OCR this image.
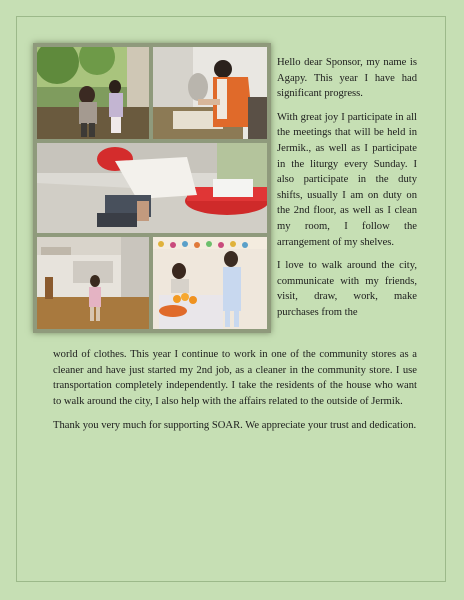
Hello dear Sponsor, my name is Agapy. This year I have had significant progress.

With great joy I participate in all the meetings that will be held in Jermik., as well as I participate in the liturgy every Sunday. I also participate in the duty shifts, usually I am on duty on the 2nd floor, as well as I clean my room, I follow the arrangement of my shelves.

I love to walk around the city, communicate with my friends, visit, draw, work, make purchases from the

world of clothes. This year I continue to work in one of the community stores as a cleaner and have just started my 2nd job, as a cleaner in the community store. I use transportation completely independently. I take the residents of the house who want to walk around the city, I also help with the affairs related to the outside of Jermik.

Thank you very much for supporting SOAR. We appreciate your trust and dedication.
